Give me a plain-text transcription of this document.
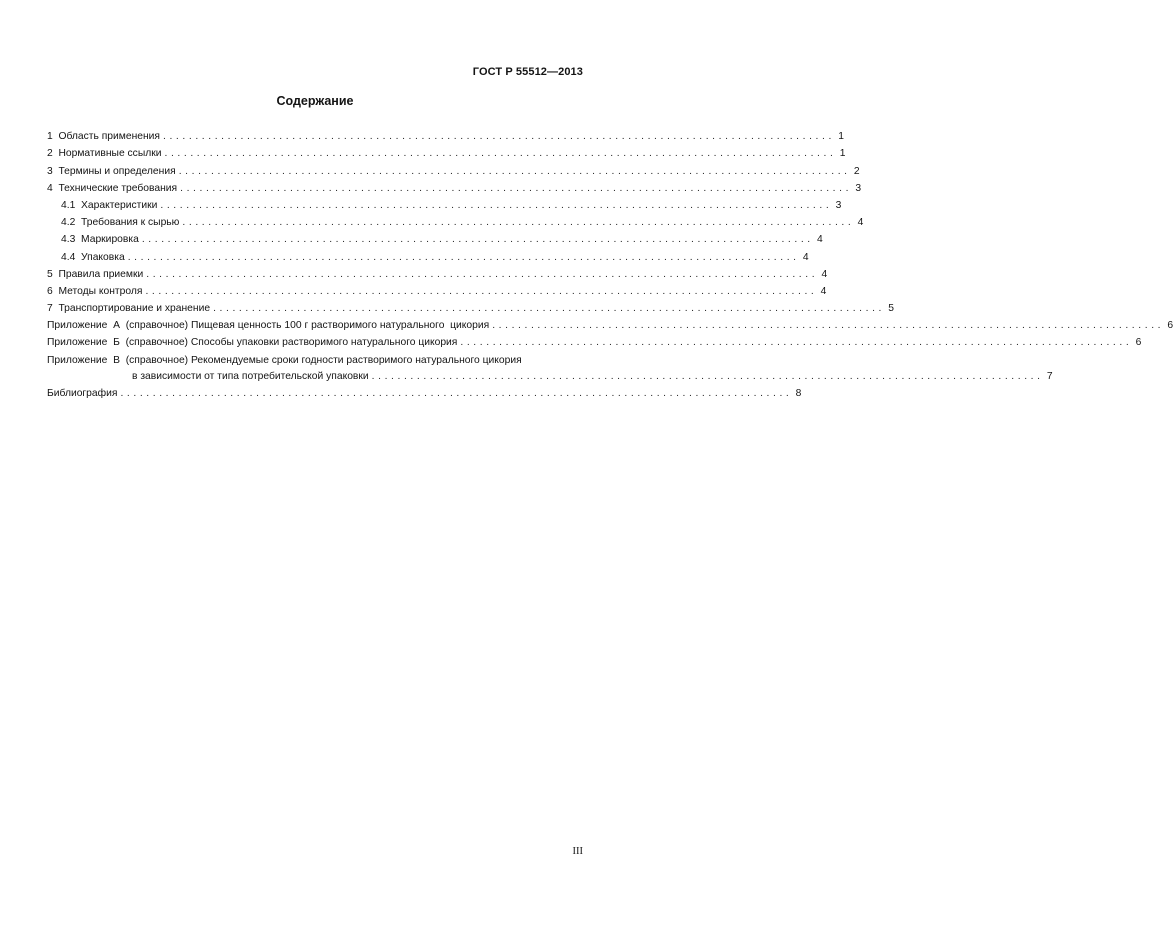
ГОСТ Р 55512—2013
Содержание
1  Область применения ........................................................................................................ 1
2  Нормативные ссылки ........................................................................................................ 1
3  Термины и определения ........................................................................................................ 2
4  Технические требования ........................................................................................................ 3
4.1  Характеристики ........................................................................................................ 3
4.2  Требования к сырью ........................................................................................................ 4
4.3  Маркировка ........................................................................................................ 4
4.4  Упаковка ........................................................................................................ 4
5  Правила приемки ........................................................................................................ 4
6  Методы контроля ........................................................................................................ 4
7  Транспортирование и хранение ........................................................................................................ 5
Приложение  А  (справочное) Пищевая ценность 100 г растворимого натурального  цикория ........................................................................................................ 6
Приложение  Б  (справочное) Способы упаковки растворимого натурального цикория ........................................................................................................ 6
Приложение  В  (справочное) Рекомендуемые сроки годности растворимого натурального цикория
в зависимости от типа потребительской упаковки ........................................................................................................ 7
Библиография ........................................................................................................ 8
III
